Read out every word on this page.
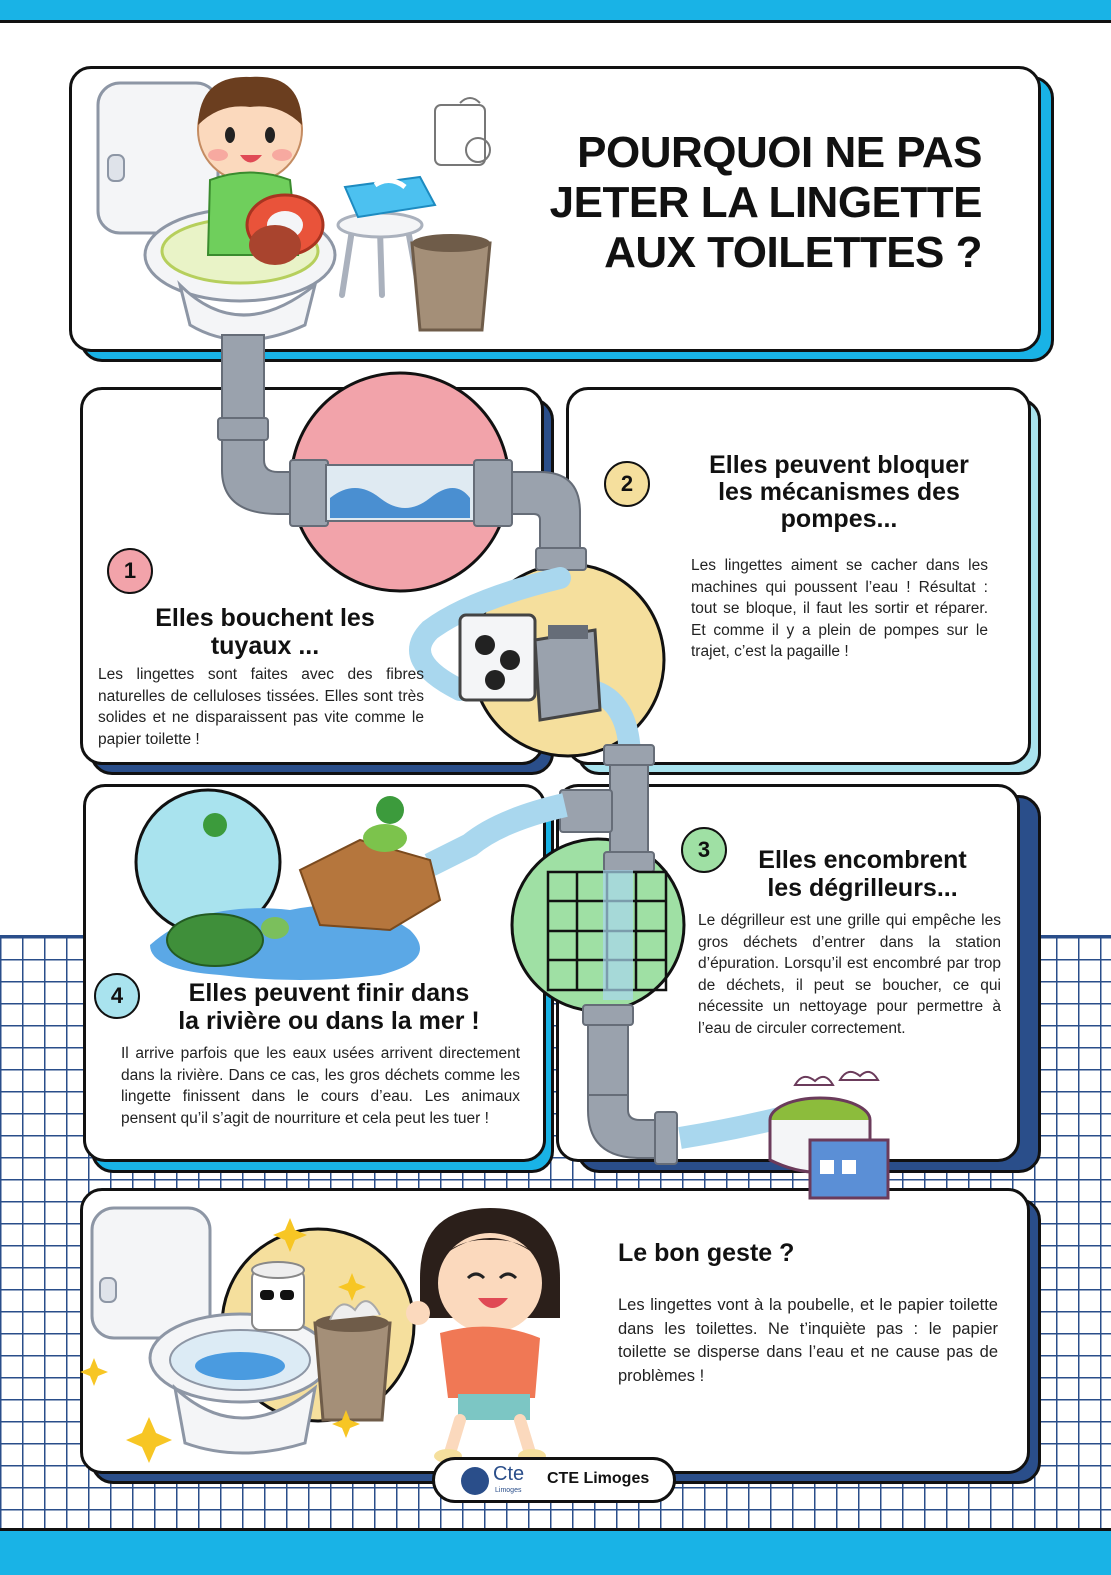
POURQUOI NE PAS
JETER LA LINGETTE
AUX TOILETTES ?
1
Elles bouchent les
tuyaux ...
Les lingettes sont faites avec des fibres naturelles de celluloses tissées. Elles sont très solides et ne disparaissent pas vite comme le papier toilette !
2
Elles peuvent bloquer
les mécanismes des
pompes...
Les lingettes aiment se cacher dans les machines qui poussent l’eau ! Résultat : tout se bloque, il faut les sortir et réparer. Et comme il y a plein de pompes sur le trajet, c’est la pagaille !
3	Elles encombrent
les dégrilleurs...
Le dégrilleur est une grille qui empêche les gros déchets d’entrer dans la station d’épuration. Lorsqu’il est encombré par trop de déchets, il peut se boucher, ce qui nécessite un nettoyage pour permettre à l’eau de circuler correctement.
4	Elles peuvent finir dans
la rivière ou dans la mer !
Il arrive parfois que les eaux usées arrivent directement dans la rivière. Dans ce cas, les gros déchets comme les lingette finissent dans le cours d’eau. Les animaux pensent qu’il s’agit de nourriture et cela peut les tuer !
Le bon geste ?
Les lingettes vont à la poubelle, et le papier toilette dans les toilettes. Ne t’inquiète pas : le papier toilette se disperse dans l’eau et ne cause pas de problèmes !
Cte
Limoges
CTE Limoges
